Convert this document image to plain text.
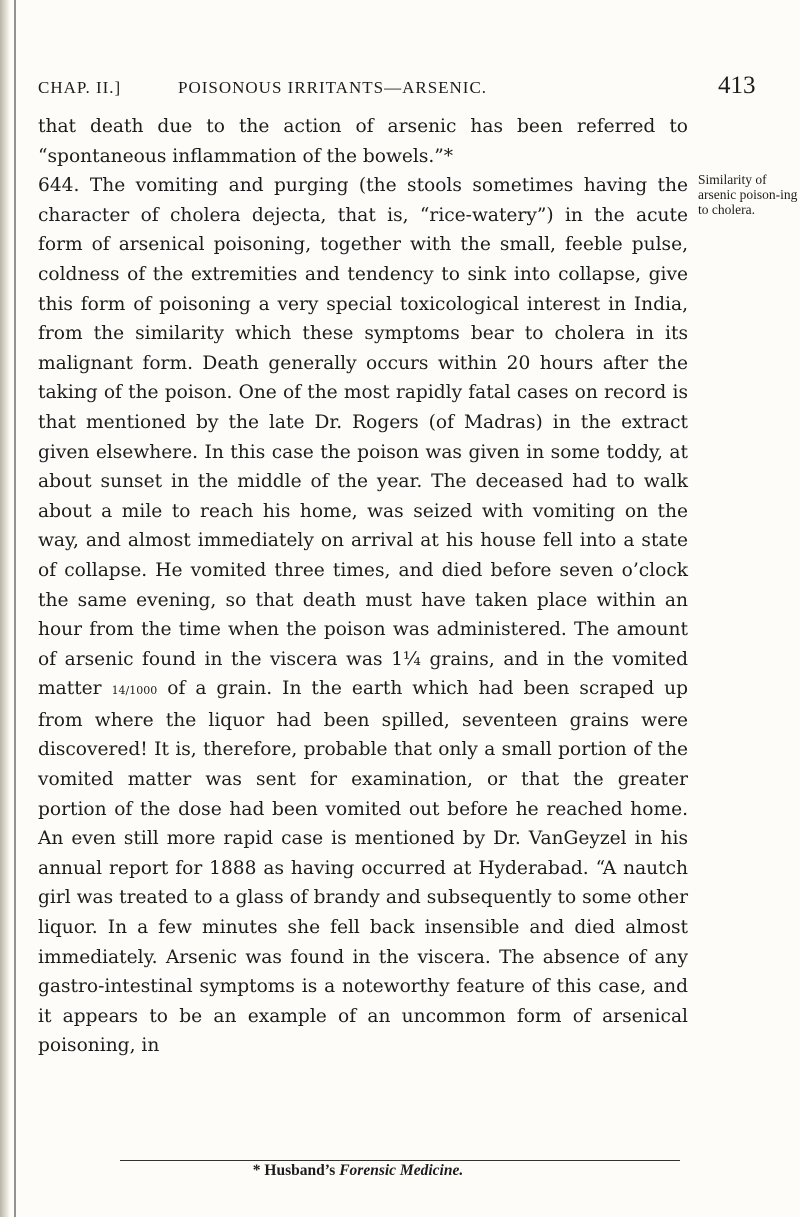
CHAP. II.]	POISONOUS IRRITANTS—ARSENIC.	413
Similarity of arsenic poison-ing to cholera.

that death due to the action of arsenic has been referred to “spontaneous inflammation of the bowels.”*

644. The vomiting and purging (the stools sometimes having the character of cholera dejecta, that is, “rice-watery”) in the acute form of arsenical poisoning, together with the small, feeble pulse, coldness of the extremities and tendency to sink into collapse, give this form of poisoning a very special toxicological interest in India, from the similarity which these symptoms bear to cholera in its malignant form. Death generally occurs within 20 hours after the taking of the poison. One of the most rapidly fatal cases on record is that mentioned by the late Dr. Rogers (of Madras) in the extract given elsewhere. In this case the poison was given in some toddy, at about sunset in the middle of the year. The deceased had to walk about a mile to reach his home, was seized with vomiting on the way, and almost immediately on arrival at his house fell into a state of collapse. He vomited three times, and died before seven o’clock the same evening, so that death must have taken place within an hour from the time when the poison was administered. The amount of arsenic found in the viscera was 1¼ grains, and in the vomited matter 14/1000 of a grain. In the earth which had been scraped up from where the liquor had been spilled, seventeen grains were discovered! It is, therefore, probable that only a small portion of the vomited matter was sent for examination, or that the greater portion of the dose had been vomited out before he reached home. An even still more rapid case is mentioned by Dr. VanGeyzel in his annual report for 1888 as having occurred at Hyderabad. “A nautch girl was treated to a glass of brandy and subsequently to some other liquor. In a few minutes she fell back insensible and died almost immediately. Arsenic was found in the viscera. The absence of any gastro-intestinal symptoms is a noteworthy feature of this case, and it appears to be an example of an uncommon form of arsenical poisoning, in

* Husband’s Forensic Medicine.
